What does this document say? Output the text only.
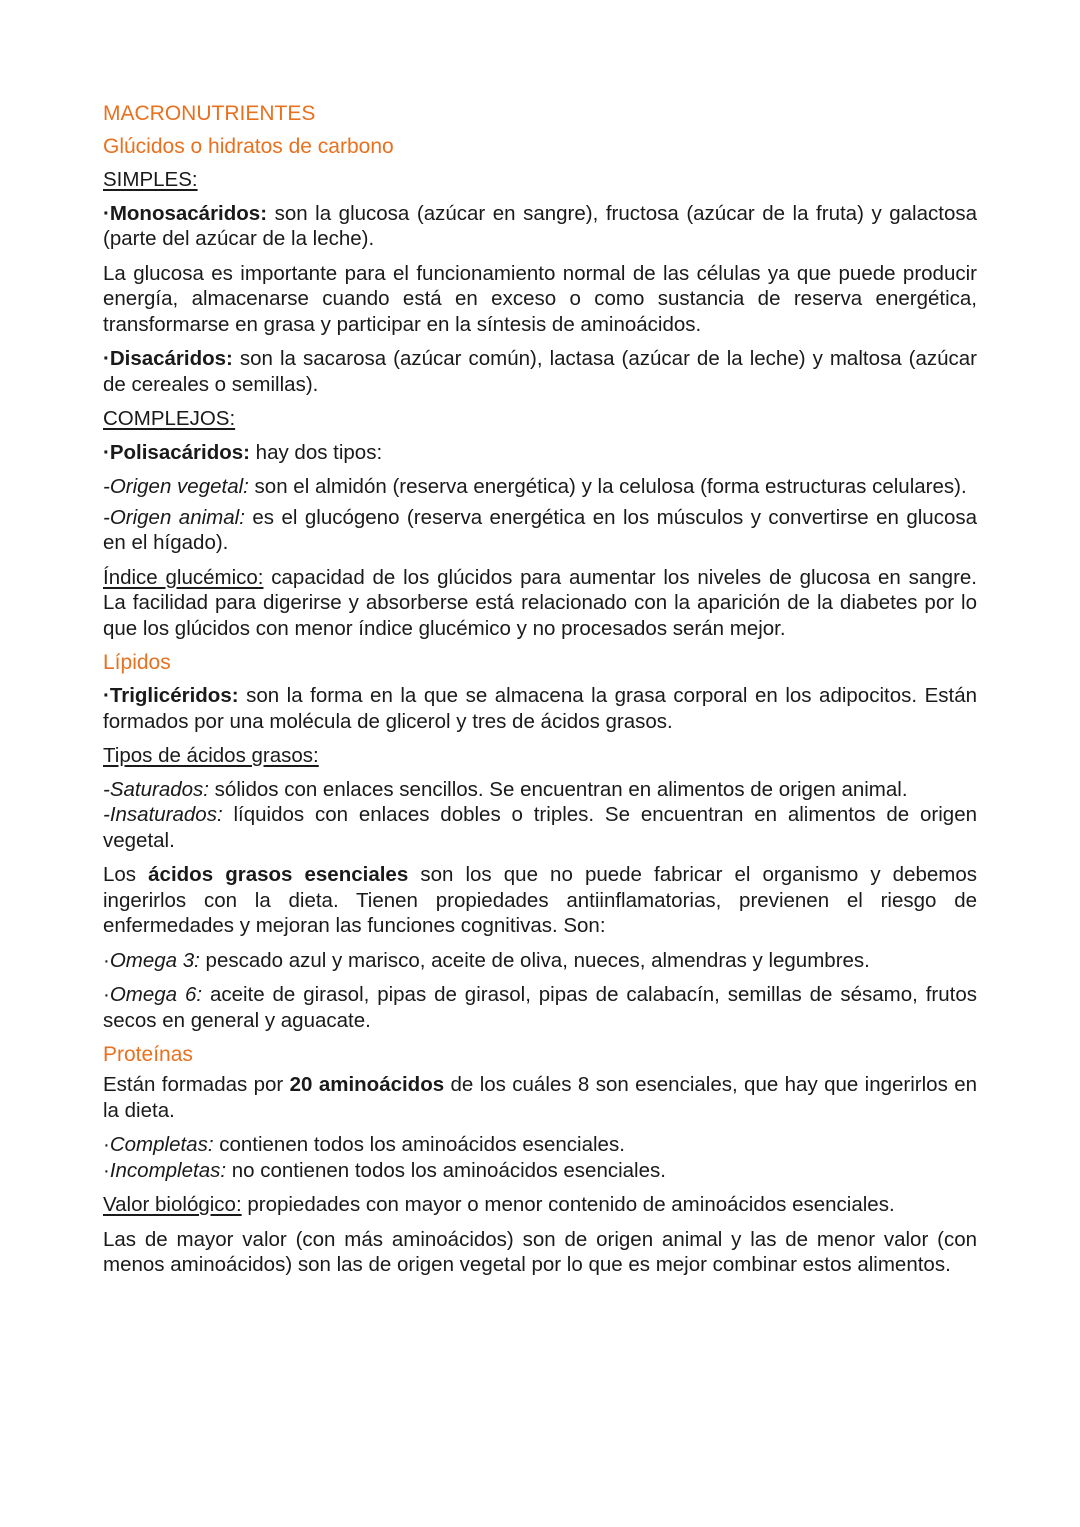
MACRONUTRIENTES
Glúcidos o hidratos de carbono
SIMPLES:

·Monosacáridos: son la glucosa (azúcar en sangre), fructosa (azúcar de la fruta) y galactosa (parte del azúcar de la leche).

La glucosa es importante para el funcionamiento normal de las células ya que puede producir energía, almacenarse cuando está en exceso o como sustancia de reserva energética, transformarse en grasa y participar en la síntesis de aminoácidos.

·Disacáridos: son la sacarosa (azúcar común), lactasa (azúcar de la leche) y maltosa (azúcar de cereales o semillas).

COMPLEJOS:

·Polisacáridos: hay dos tipos:

-Origen vegetal: son el almidón (reserva energética) y la celulosa (forma estructuras celulares).

-Origen animal: es el glucógeno (reserva energética en los músculos y convertirse en glucosa en el hígado).

Índice glucémico: capacidad de los glúcidos para aumentar los niveles de glucosa en sangre. La facilidad para digerirse y absorberse está relacionado con la aparición de la diabetes por lo que los glúcidos con menor índice glucémico y no procesados serán mejor.

Lípidos

·Triglicéridos: son la forma en la que se almacena la grasa corporal en los adipocitos. Están formados por una molécula de glicerol y tres de ácidos grasos.

Tipos de ácidos grasos:

-Saturados: sólidos con enlaces sencillos. Se encuentran en alimentos de origen animal.

-Insaturados: líquidos con enlaces dobles o triples. Se encuentran en alimentos de origen vegetal.

Los ácidos grasos esenciales son los que no puede fabricar el organismo y debemos ingerirlos con la dieta. Tienen propiedades antiinflamatorias, previenen el riesgo de enfermedades y mejoran las funciones cognitivas. Son:

·Omega 3: pescado azul y marisco, aceite de oliva, nueces, almendras y legumbres.

·Omega 6: aceite de girasol, pipas de girasol, pipas de calabacín, semillas de sésamo, frutos secos en general y aguacate.

Proteínas

Están formadas por 20 aminoácidos de los cuáles 8 son esenciales, que hay que ingerirlos en la dieta.

·Completas: contienen todos los aminoácidos esenciales.

·Incompletas: no contienen todos los aminoácidos esenciales.

Valor biológico: propiedades con mayor o menor contenido de aminoácidos esenciales.

Las de mayor valor (con más aminoácidos) son de origen animal y las de menor valor (con menos aminoácidos) son las de origen vegetal por lo que es mejor combinar estos alimentos.
